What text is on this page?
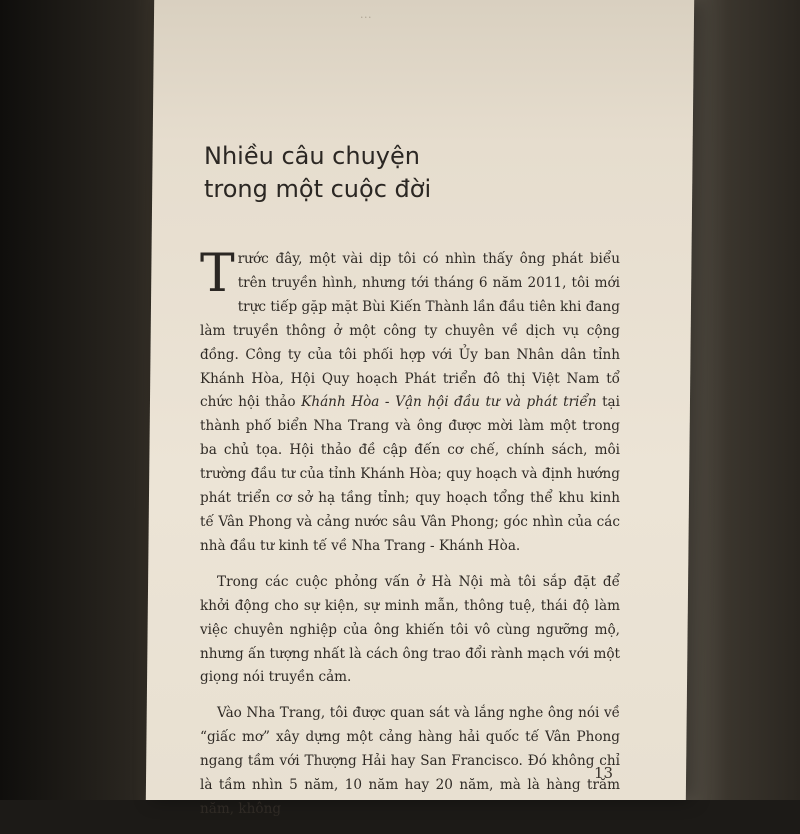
...
Nhiều câu chuyện
trong một cuộc đời

Trước đây, một vài dịp tôi có nhìn thấy ông phát biểu trên truyền hình, nhưng tới tháng 6 năm 2011, tôi mới trực tiếp gặp mặt Bùi Kiến Thành lần đầu tiên khi đang làm truyền thông ở một công ty chuyên về dịch vụ cộng đồng. Công ty của tôi phối hợp với Ủy ban Nhân dân tỉnh Khánh Hòa, Hội Quy hoạch Phát triển đô thị Việt Nam tổ chức hội thảo Khánh Hòa - Vận hội đầu tư và phát triển tại thành phố biển Nha Trang và ông được mời làm một trong ba chủ tọa. Hội thảo đề cập đến cơ chế, chính sách, môi trường đầu tư của tỉnh Khánh Hòa; quy hoạch và định hướng phát triển cơ sở hạ tầng tỉnh; quy hoạch tổng thể khu kinh tế Vân Phong và cảng nước sâu Vân Phong; góc nhìn của các nhà đầu tư kinh tế về Nha Trang - Khánh Hòa.

Trong các cuộc phỏng vấn ở Hà Nội mà tôi sắp đặt để khởi động cho sự kiện, sự minh mẫn, thông tuệ, thái độ làm việc chuyên nghiệp của ông khiến tôi vô cùng ngưỡng mộ, nhưng ấn tượng nhất là cách ông trao đổi rành mạch với một giọng nói truyền cảm.

Vào Nha Trang, tôi được quan sát và lắng nghe ông nói về “giấc mơ” xây dựng một cảng hàng hải quốc tế Vân Phong ngang tầm với Thượng Hải hay San Francisco. Đó không chỉ là tầm nhìn 5 năm, 10 năm hay 20 năm, mà là hàng trăm năm, không

13
